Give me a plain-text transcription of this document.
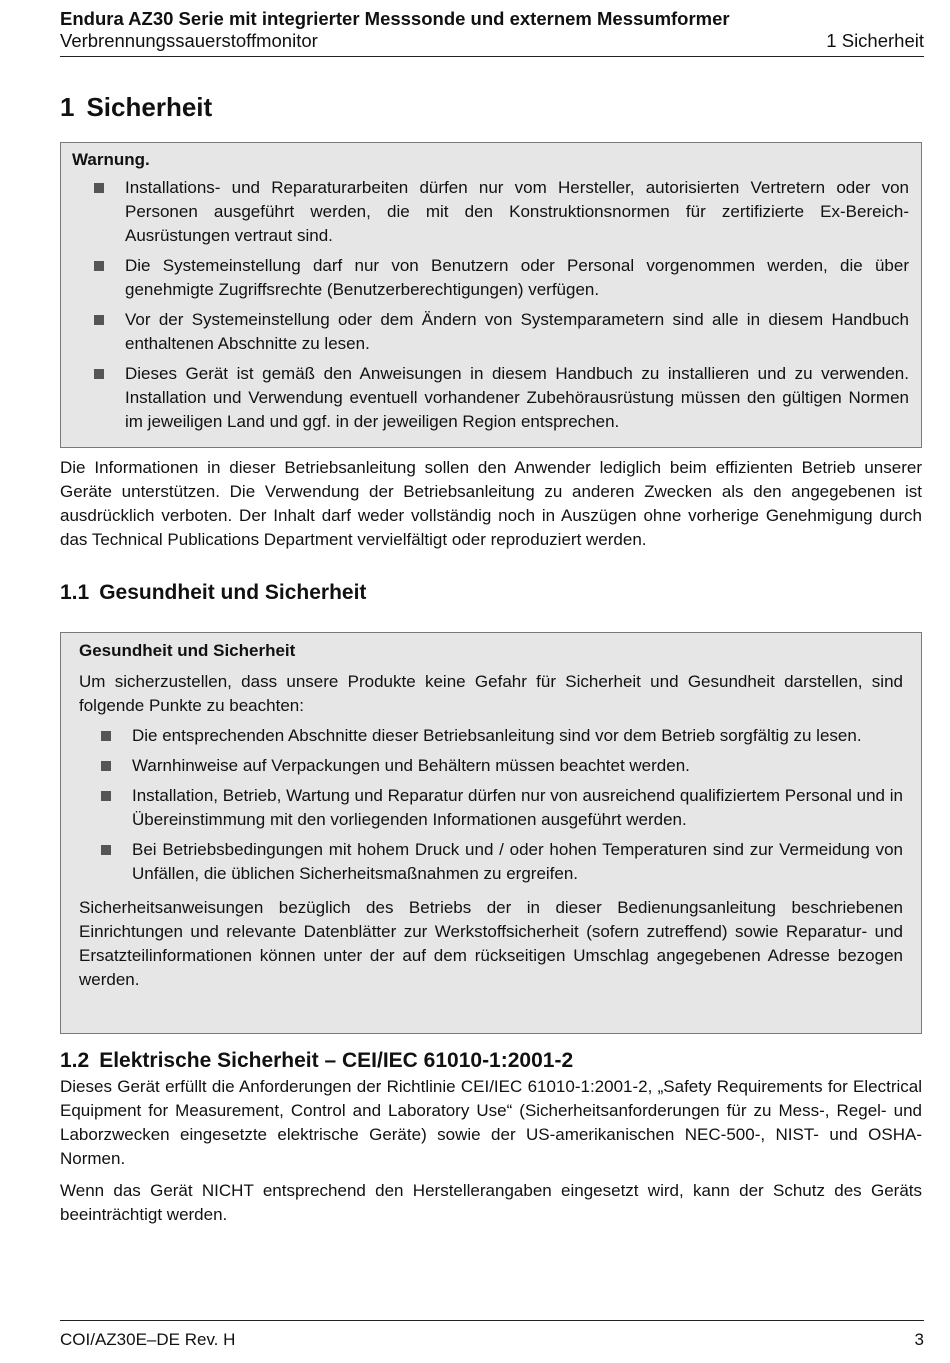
Endura AZ30 Serie mit integrierter Messsonde und externem Messumformer
Verbrennungssauerstoffmonitor	1 Sicherheit
1 Sicherheit
Warnung.
Installations- und Reparaturarbeiten dürfen nur vom Hersteller, autorisierten Vertretern oder von Personen ausgeführt werden, die mit den Konstruktionsnormen für zertifizierte Ex-Bereich-Ausrüstungen vertraut sind.
Die Systemeinstellung darf nur von Benutzern oder Personal vorgenommen werden, die über genehmigte Zugriffsrechte (Benutzerberechtigungen) verfügen.
Vor der Systemeinstellung oder dem Ändern von Systemparametern sind alle in diesem Handbuch enthaltenen Abschnitte zu lesen.
Dieses Gerät ist gemäß den Anweisungen in diesem Handbuch zu installieren und zu verwenden. Installation und Verwendung eventuell vorhandener Zubehörausrüstung müssen den gültigen Normen im jeweiligen Land und ggf. in der jeweiligen Region entsprechen.
Die Informationen in dieser Betriebsanleitung sollen den Anwender lediglich beim effizienten Betrieb unserer Geräte unterstützen. Die Verwendung der Betriebsanleitung zu anderen Zwecken als den angegebenen ist ausdrücklich verboten. Der Inhalt darf weder vollständig noch in Auszügen ohne vorherige Genehmigung durch das Technical Publications Department vervielfältigt oder reproduziert werden.
1.1 Gesundheit und Sicherheit
Gesundheit und Sicherheit
Um sicherzustellen, dass unsere Produkte keine Gefahr für Sicherheit und Gesundheit darstellen, sind folgende Punkte zu beachten:
Die entsprechenden Abschnitte dieser Betriebsanleitung sind vor dem Betrieb sorgfältig zu lesen.
Warnhinweise auf Verpackungen und Behältern müssen beachtet werden.
Installation, Betrieb, Wartung und Reparatur dürfen nur von ausreichend qualifiziertem Personal und in Übereinstimmung mit den vorliegenden Informationen ausgeführt werden.
Bei Betriebsbedingungen mit hohem Druck und / oder hohen Temperaturen sind zur Vermeidung von Unfällen, die üblichen Sicherheitsmaßnahmen zu ergreifen.
Sicherheitsanweisungen bezüglich des Betriebs der in dieser Bedienungsanleitung beschriebenen Einrichtungen und relevante Datenblätter zur Werkstoffsicherheit (sofern zutreffend) sowie Reparatur- und Ersatzteilinformationen können unter der auf dem rückseitigen Umschlag angegebenen Adresse bezogen werden.
1.2 Elektrische Sicherheit – CEI/IEC 61010-1:2001-2
Dieses Gerät erfüllt die Anforderungen der Richtlinie CEI/IEC 61010-1:2001-2, „Safety Requirements for Electrical Equipment for Measurement, Control and Laboratory Use“ (Sicherheitsanforderungen für zu Mess-, Regel- und Laborzwecken eingesetzte elektrische Geräte) sowie der US-amerikanischen NEC-500-, NIST- und OSHA-Normen.
Wenn das Gerät NICHT entsprechend den Herstellerangaben eingesetzt wird, kann der Schutz des Geräts beeinträchtigt werden.
COI/AZ30E–DE Rev. H	3
